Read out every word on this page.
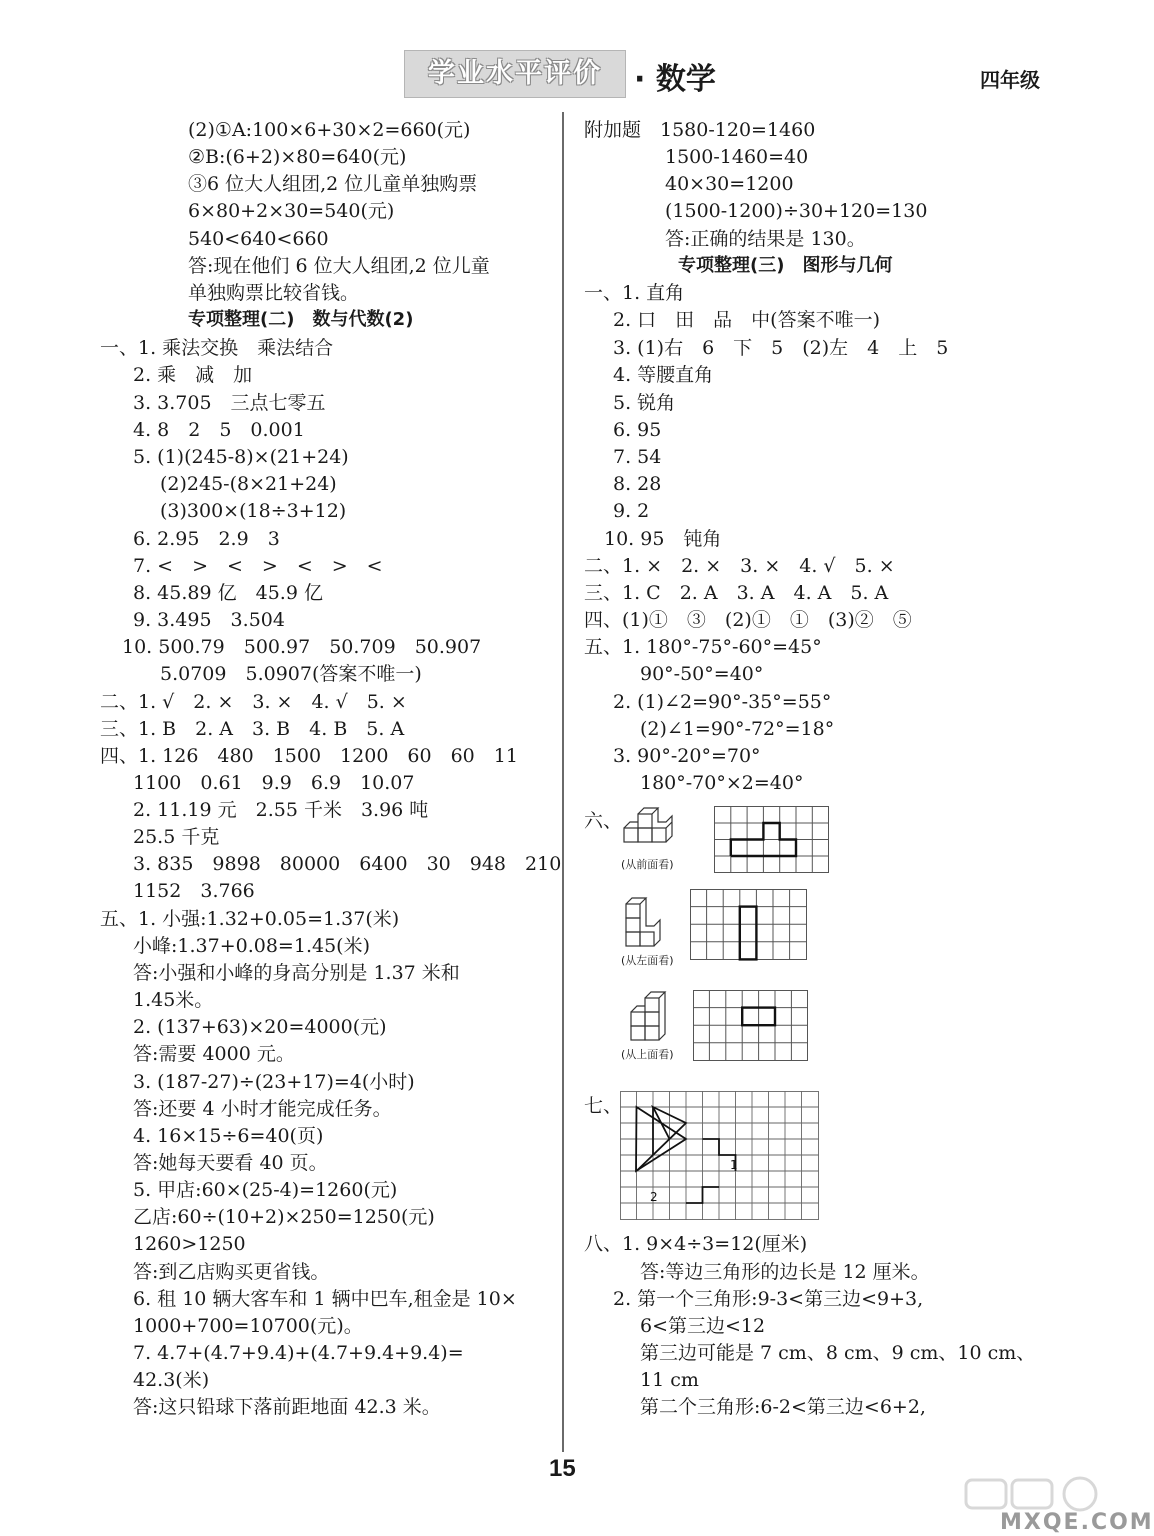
学业水平评价	· 数学	四年级
(2)①A:100×6+30×2=660(元)
②B:(6+2)×80=640(元)
③6 位大人组团,2 位儿童单独购票
6×80+2×30=540(元)
540<640<660
答:现在他们 6 位大人组团,2 位儿童
单独购票比较省钱。
专项整理(二)　数与代数(2)
一、1. 乘法交换　乘法结合
2. 乘　减　加
3. 3.705　三点七零五
4. 8　2　5　0.001
5. (1)(245-8)×(21+24)
(2)245-(8×21+24)
(3)300×(18÷3+12)
6. 2.95　2.9　3
7. <　>　<　>　<　>　<
8. 45.89 亿　45.9 亿
9. 3.495　3.504
10. 500.79　500.97　50.709　50.907
5.0709　5.0907(答案不唯一)
二、1. √　2. ×　3. ×　4. √　5. ×
三、1. B　2. A　3. B　4. B　5. A
四、1. 126　480　1500　1200　60　60　11
1100　0.61　9.9　6.9　10.07
2. 11.19 元　2.55 千米　3.96 吨
25.5 千克
3. 835　9898　80000　6400　30　948　210
1152　3.766
五、1. 小强:1.32+0.05=1.37(米)
小峰:1.37+0.08=1.45(米)
答:小强和小峰的身高分别是 1.37 米和
1.45米。
2. (137+63)×20=4000(元)
答:需要 4000 元。
3. (187-27)÷(23+17)=4(小时)
答:还要 4 小时才能完成任务。
4. 16×15÷6=40(页)
答:她每天要看 40 页。
5. 甲店:60×(25-4)=1260(元)
乙店:60÷(10+2)×250=1250(元)
1260>1250
答:到乙店购买更省钱。
6. 租 10 辆大客车和 1 辆中巴车,租金是 10×
1000+700=10700(元)。
7. 4.7+(4.7+9.4)+(4.7+9.4+9.4)=
42.3(米)
答:这只铅球下落前距地面 42.3 米。
附加题　1580-120=1460
1500-1460=40
40×30=1200
(1500-1200)÷30+120=130
答:正确的结果是 130。
专项整理(三)　图形与几何
一、1. 直角
2. 口　田　品　中(答案不唯一)
3. (1)右　6　下　5　(2)左　4　上　5
4. 等腰直角
5. 锐角
6. 95
7. 54
8. 28
9. 2
10. 95　钝角
二、1. ×　2. ×　3. ×　4. √　5. ×
三、1. C　2. A　3. A　4. A　5. A
四、(1)①　③　(2)①　①　(3)②　⑤
五、1. 180°-75°-60°=45°
90°-50°=40°
2. (1)∠2=90°-35°=55°
(2)∠1=90°-72°=18°
3. 90°-20°=70°
180°-70°×2=40°
六、
(从前面看)
(从左面看)
(从上面看)
七、
2
1
八、1. 9×4÷3=12(厘米)
答:等边三角形的边长是 12 厘米。
2. 第一个三角形:9-3<第三边<9+3,
6<第三边<12
第三边可能是 7 cm、8 cm、9 cm、10 cm、
11 cm
第二个三角形:6-2<第三边<6+2,
15
MXQE.COM
